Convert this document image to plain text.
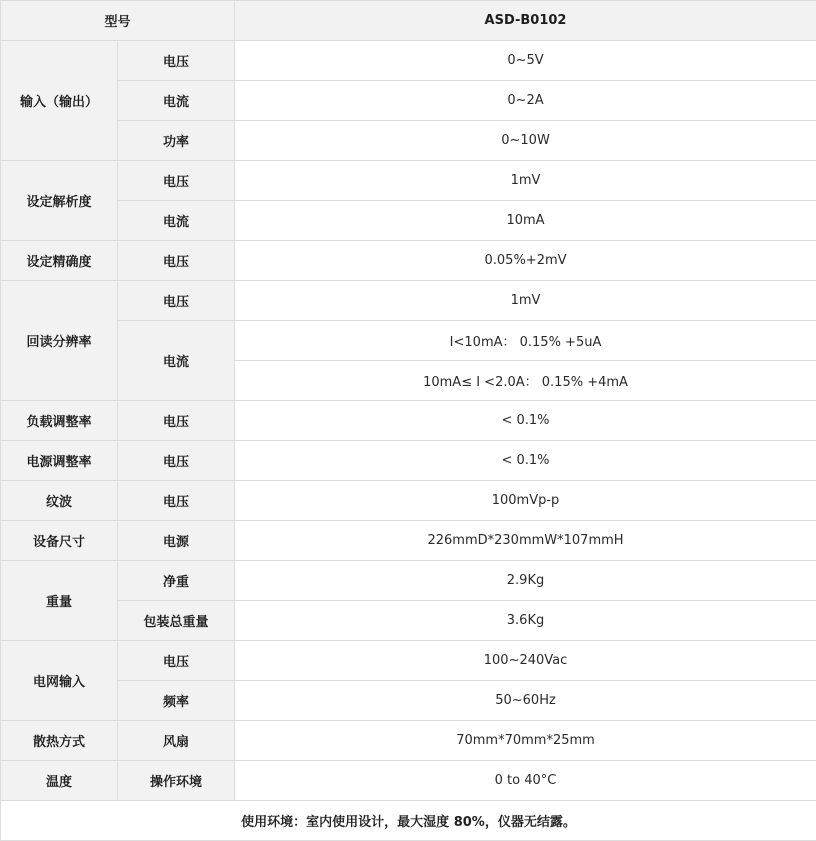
型号		ASD-B0102
输入（输出）	电压	0~5V
	电流	0~2A
	功率	0~10W
设定解析度	电压	1mV
	电流	10mA
设定精确度	电压	0.05%+2mV
回读分辨率	电压	1mV
	电流	I<10mA： 0.15% +5uA
		10mA≤ I <2.0A： 0.15% +4mA
负载调整率	电压	< 0.1%
电源调整率	电压	< 0.1%
纹波	电压	100mVp-p
设备尺寸	电源	226mmD*230mmW*107mmH
重量	净重	2.9Kg
	包装总重量	3.6Kg
电网输入	电压	100~240Vac
	频率	50~60Hz
散热方式	风扇	70mm*70mm*25mm
温度	操作环境	0 to 40°C
使用环境：室内使用设计，最大湿度 80%，仪器无结露。		
